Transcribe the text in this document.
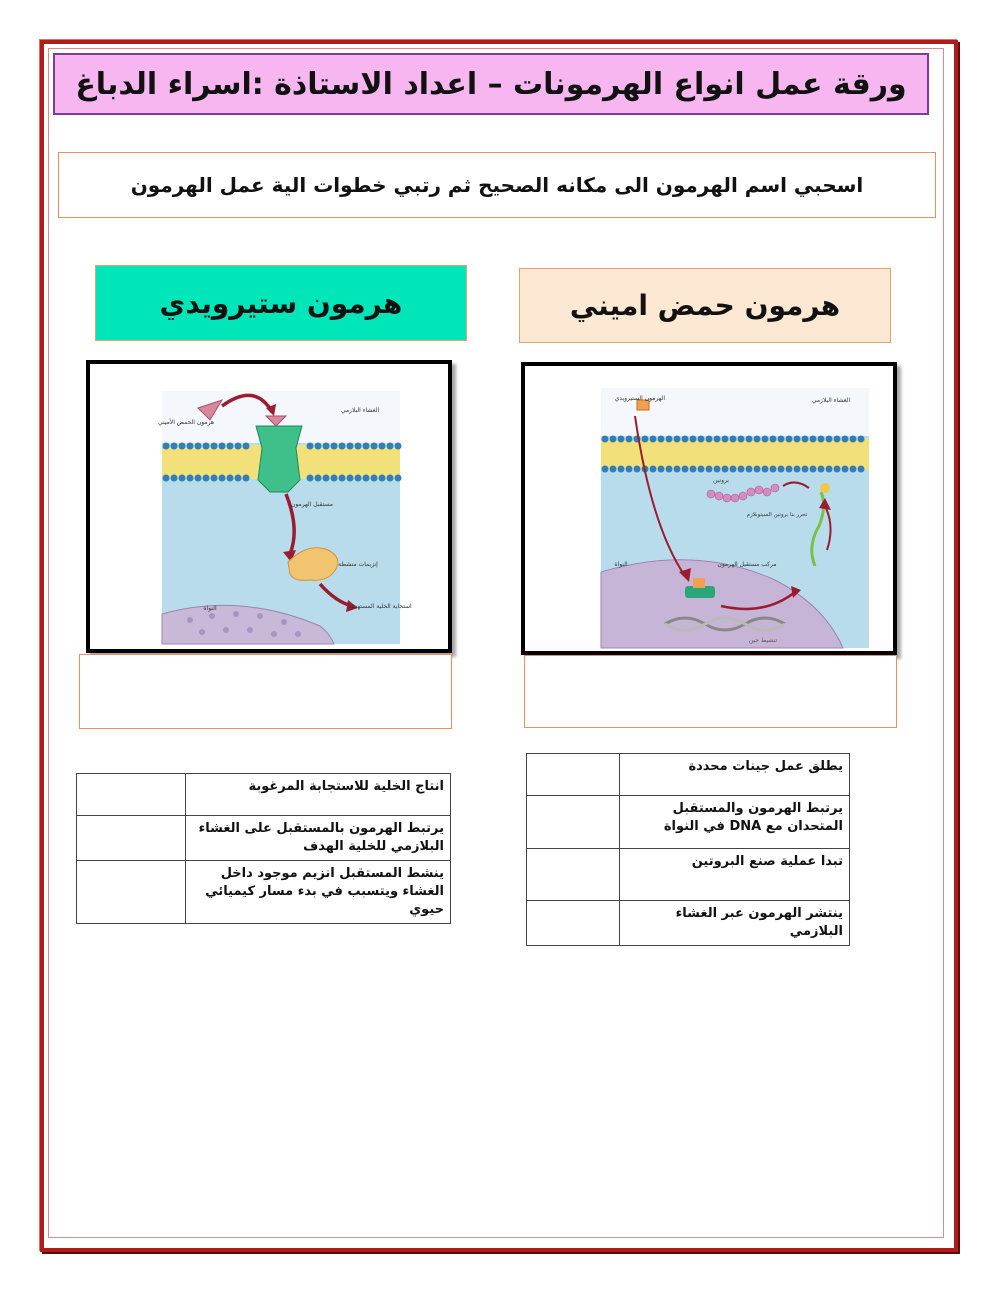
ورقة عمل انواع الهرمونات – اعداد الاستاذة :اسراء الدباغ
اسحبي اسم الهرمون الى مكانه الصحيح ثم رتبي خطوات الية عمل الهرمون
هرمون ستيرويدي	هرمون حمض اميني
هرمون الحمض الأميني
الغشاء البلازمي
مستقبل الهرمون
إنزيمات منشطة
استجابة الخلية المستهدفة
النواة
الهرمون الستيرويدي	الغشاء البلازمي
بروتين
تحرر بنا بروتين السيتوبلازم
النواة	مركب مستقبل الهرمون
تنشيط جين
انتاج الخلية للاستجابة المرغوبة	
يرتبط الهرمون بالمستقبل على الغشاء البلازمي للخلية الهدف	
ينشط المستقبل انزيم موجود داخل الغشاء ويتسبب في بدء مسار كيميائي حيوي	
يطلق عمل جينات محددة	
يرتبط الهرمون والمستقبل المتحدان مع DNA في النواة	
تبدا عملية صنع البروتين	
ينتشر الهرمون عبر الغشاء البلازمي	
